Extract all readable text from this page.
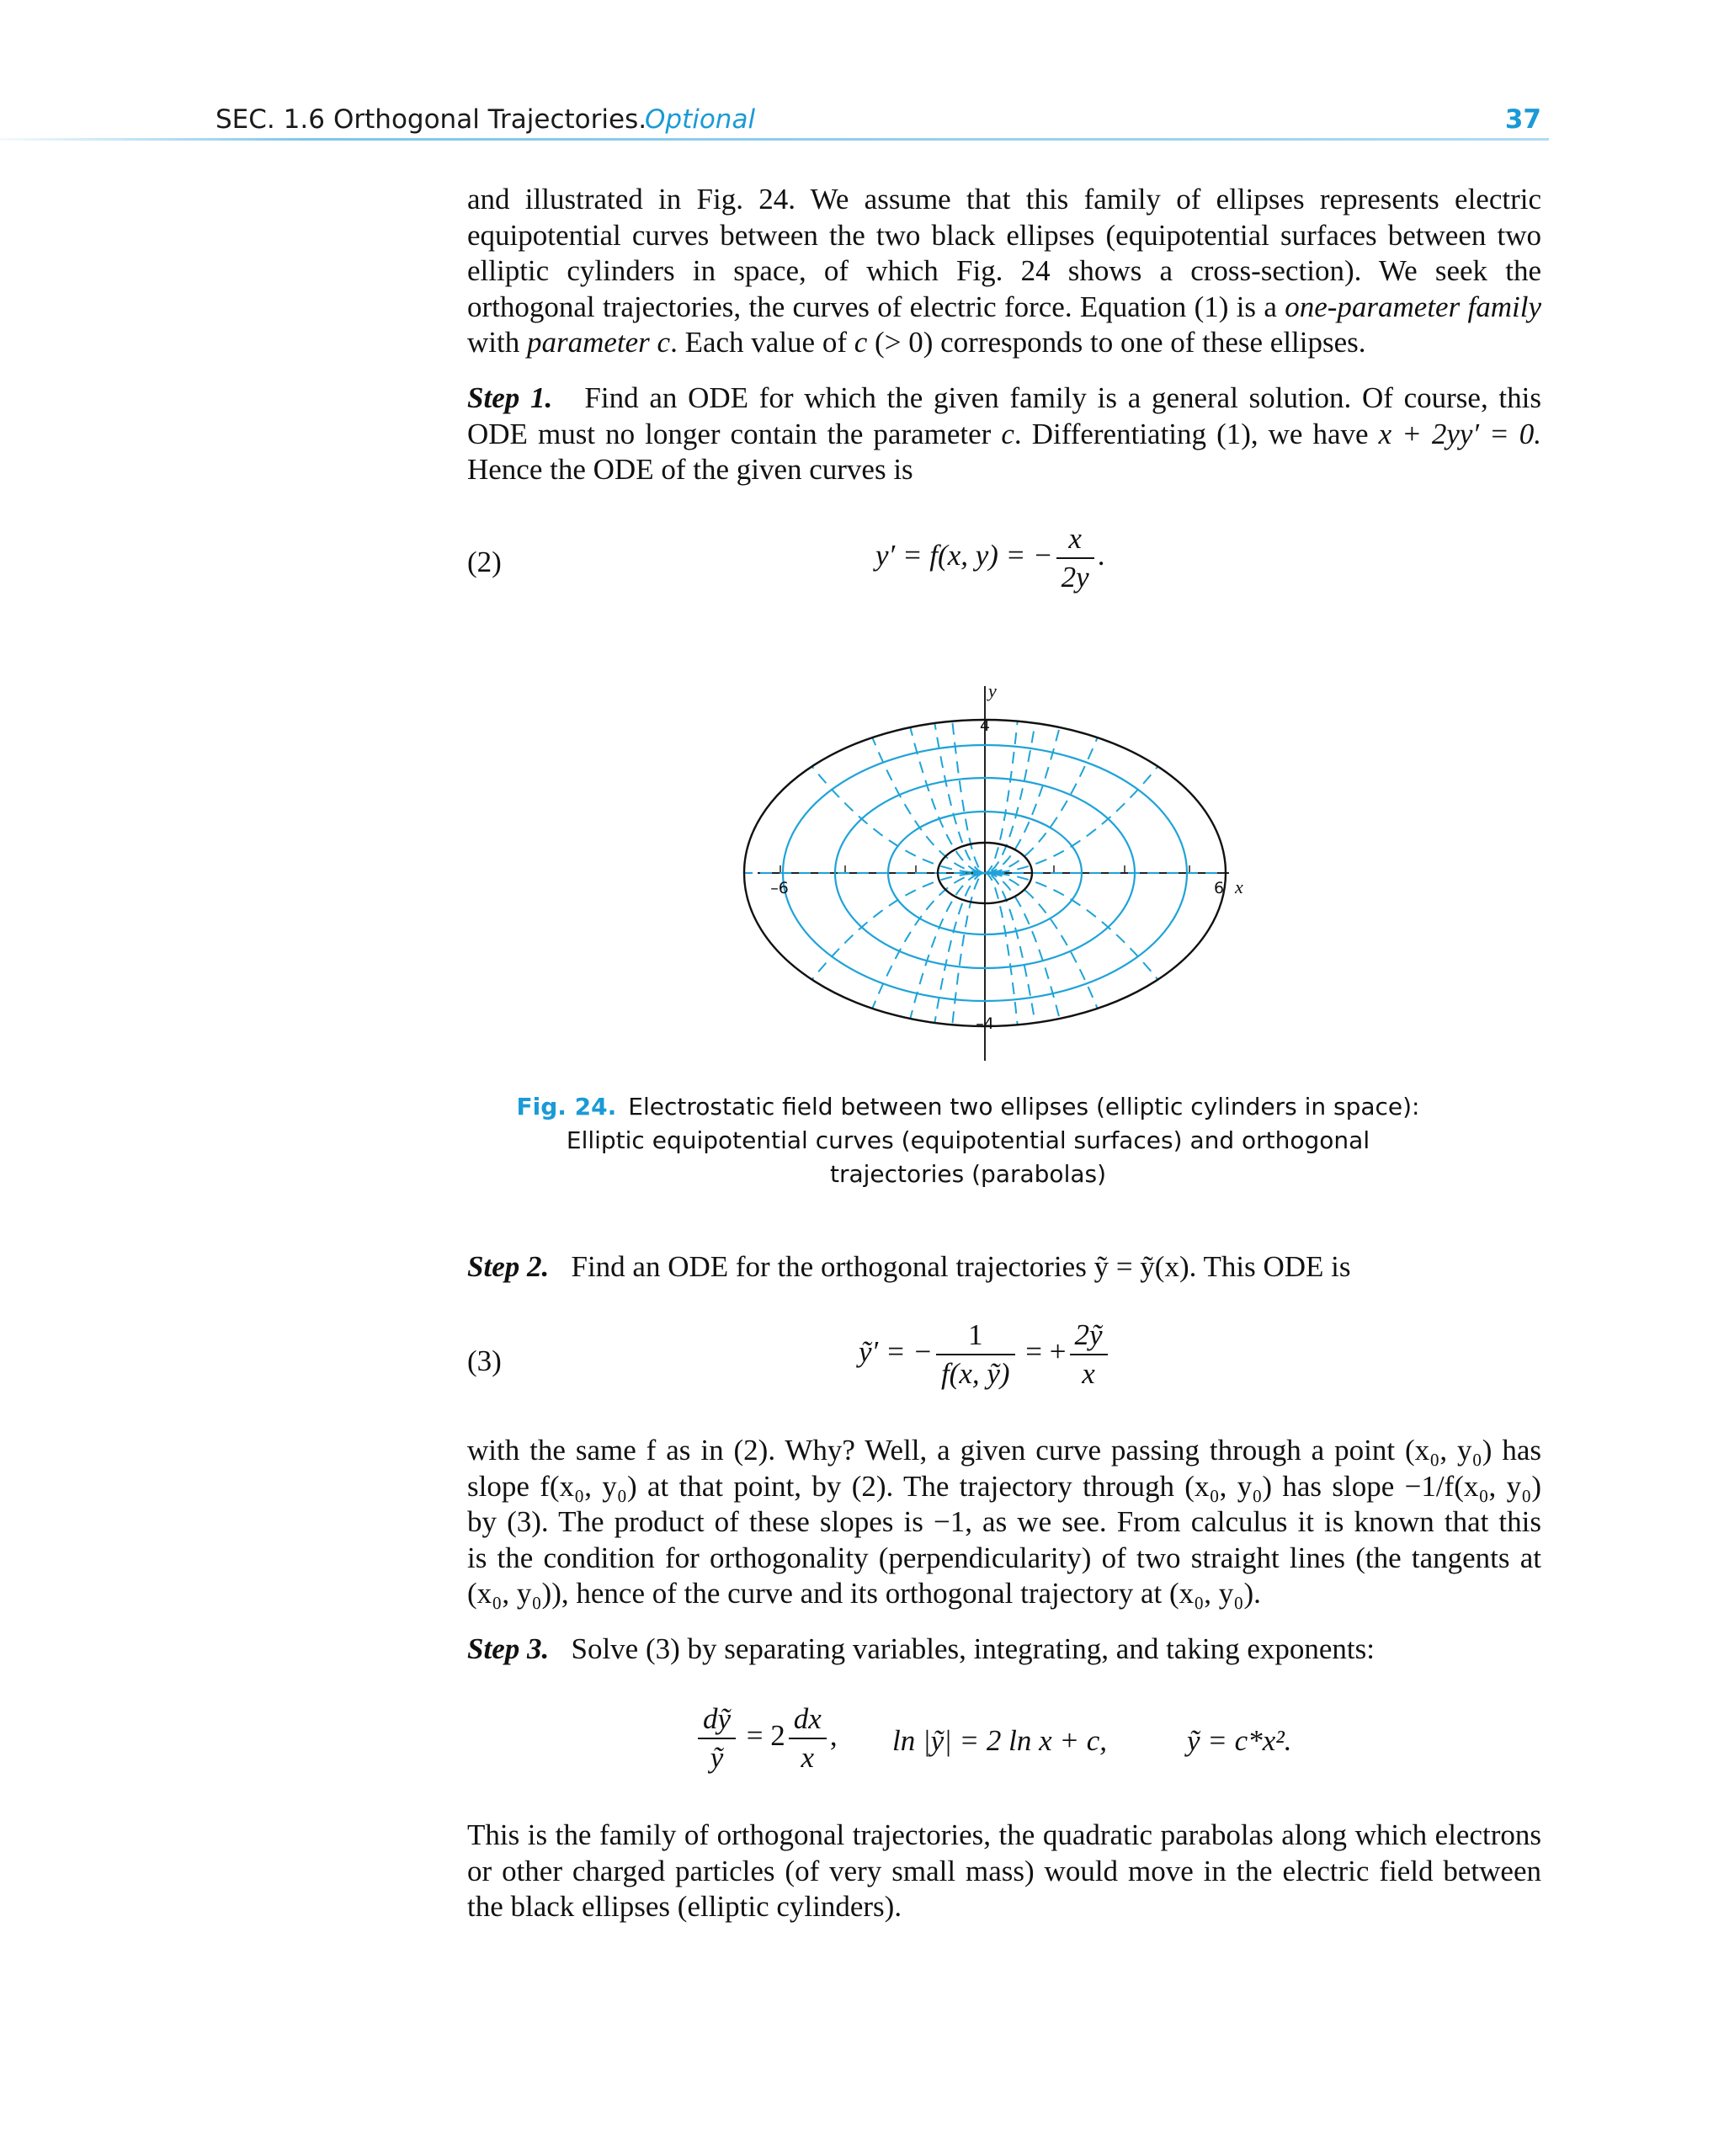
SEC. 1.6 Orthogonal Trajectories.
Optional	37
and illustrated in Fig. 24. We assume that this family of ellipses represents electric
equipotential curves between the two black ellipses (equipotential surfaces between two
elliptic cylinders in space, of which Fig. 24 shows a cross-section). We seek the
orthogonal trajectories, the curves of electric force. Equation (1) is a one-parameter family
with parameter c. Each value of c (> 0) corresponds to one of these ellipses.
Step 1. Find an ODE for which the given family is a general solution. Of course, this
ODE must no longer contain the parameter c. Differentiating (1), we have x + 2yy′ = 0.
Hence the ODE of the given curves is
(2)	y′ = f(x, y) = − $\frac{x}{2y}$ .
y
x
4
–4
–6	6
Fig. 24. Electrostatic field between two ellipses (elliptic cylinders in space):
Elliptic equipotential curves (equipotential surfaces) and orthogonal
trajectories (parabolas)
Step 2. Find an ODE for the orthogonal trajectories ỹ = ỹ(x). This ODE is
(3)	ỹ′ = − $\frac{1}{\text{f(x, ỹ)}}$ = + $\frac{\text{2ỹ}}{x}$
with the same f as in (2). Why? Well, a given curve passing through a point (x₀, y₀) has
slope f(x₀, y₀) at that point, by (2). The trajectory through (x₀, y₀) has slope −1/f(x₀, y₀)
by (3). The product of these slopes is −1, as we see. From calculus it is known that this
is the condition for orthogonality (perpendicularity) of two straight lines (the tangents at
(x₀, y₀)), hence of the curve and its orthogonal trajectory at (x₀, y₀).
Step 3. Solve (3) by separating variables, integrating, and taking exponents:
$\frac{\text{dỹ}}{\text{ỹ}} = 2 \frac{dx}{x}$ , ln |ỹ| = 2 ln x + c,	ỹ = c*x².
This is the family of orthogonal trajectories, the quadratic parabolas along which electrons
or other charged particles (of very small mass) would move in the electric field between
the black ellipses (elliptic cylinders).
